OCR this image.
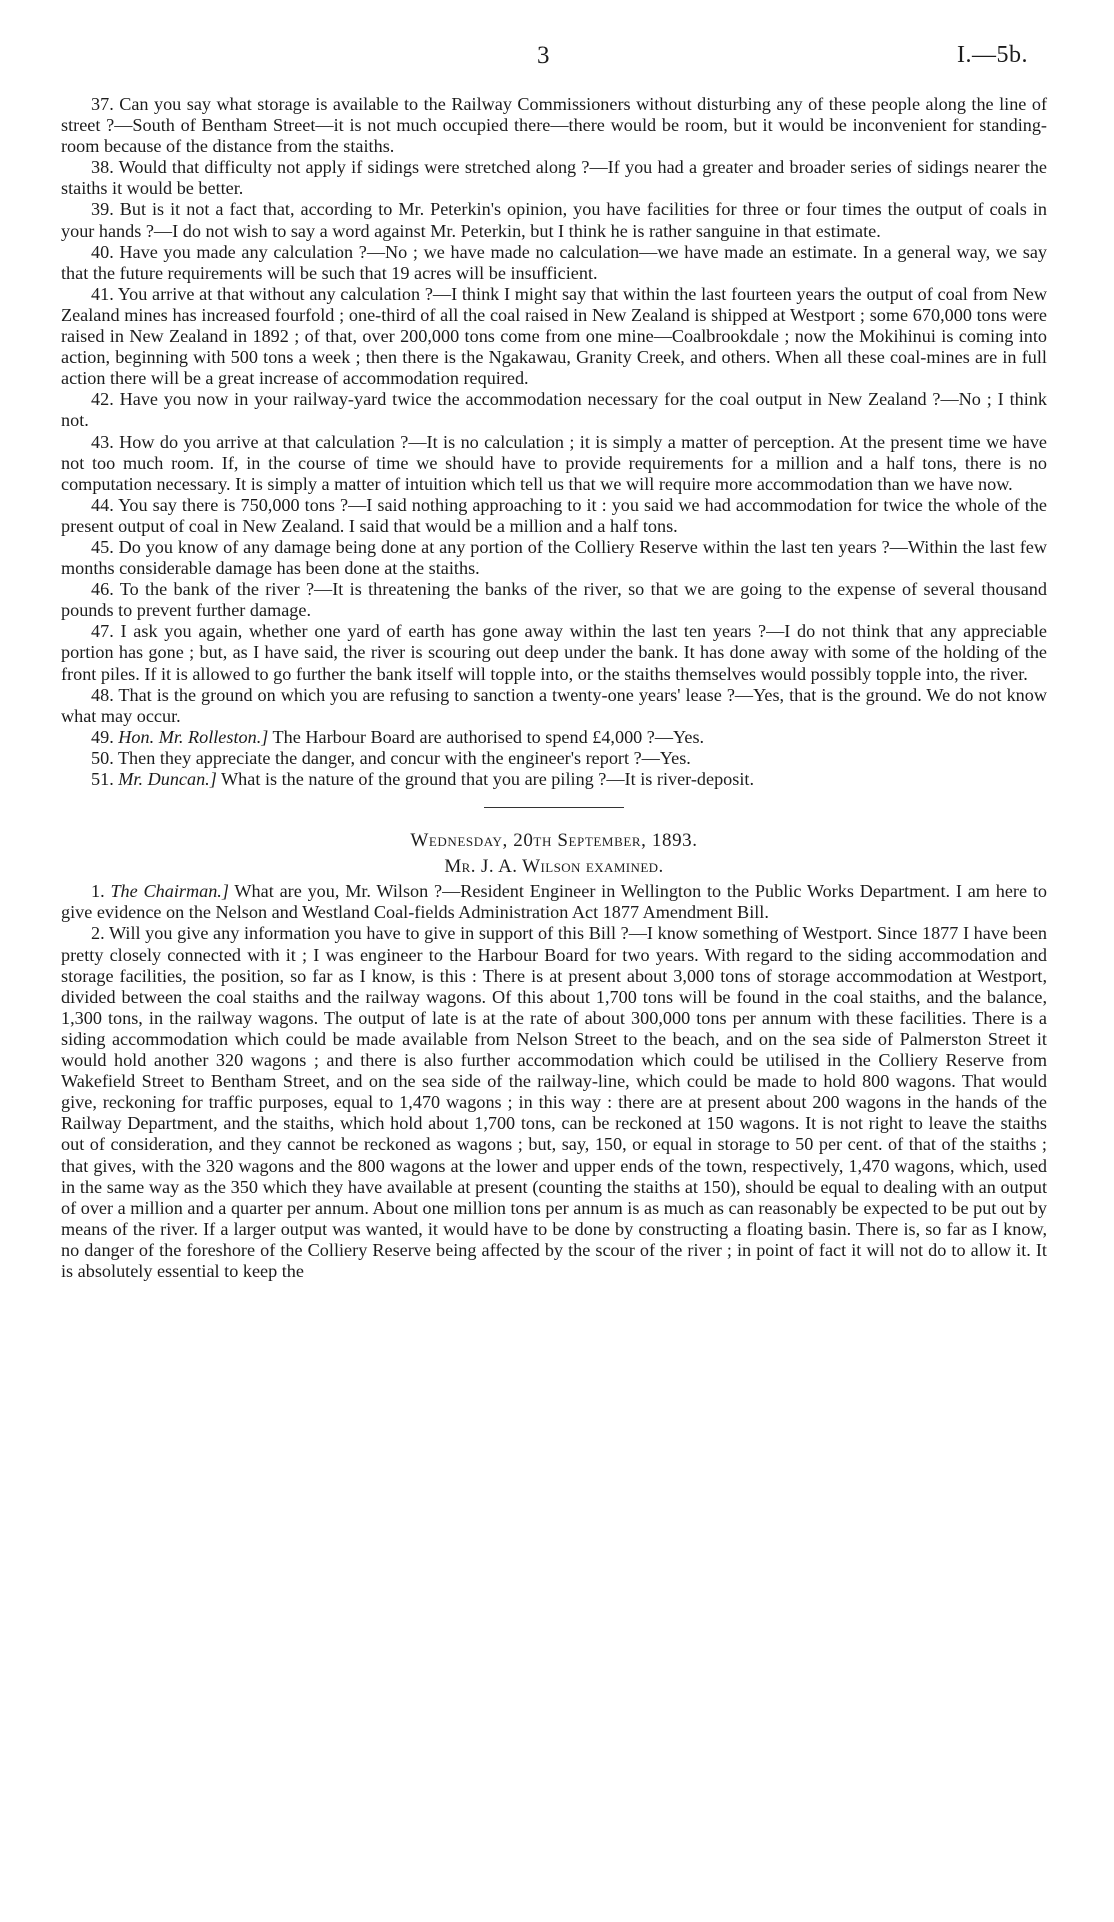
3	I.—5b.

37. Can you say what storage is available to the Railway Commissioners without disturbing any of these people along the line of street ?—South of Bentham Street—it is not much occupied there—there would be room, but it would be inconvenient for standing-room because of the distance from the staiths.

38. Would that difficulty not apply if sidings were stretched along ?—If you had a greater and broader series of sidings nearer the staiths it would be better.

39. But is it not a fact that, according to Mr. Peterkin's opinion, you have facilities for three or four times the output of coals in your hands ?—I do not wish to say a word against Mr. Peterkin, but I think he is rather sanguine in that estimate.

40. Have you made any calculation ?—No ; we have made no calculation—we have made an estimate. In a general way, we say that the future requirements will be such that 19 acres will be insufficient.

41. You arrive at that without any calculation ?—I think I might say that within the last fourteen years the output of coal from New Zealand mines has increased fourfold ; one-third of all the coal raised in New Zealand is shipped at Westport ; some 670,000 tons were raised in New Zealand in 1892 ; of that, over 200,000 tons come from one mine—Coalbrookdale ; now the Mokihinui is coming into action, beginning with 500 tons a week ; then there is the Ngakawau, Granity Creek, and others. When all these coal-mines are in full action there will be a great increase of accommodation required.

42. Have you now in your railway-yard twice the accommodation necessary for the coal output in New Zealand ?—No ; I think not.

43. How do you arrive at that calculation ?—It is no calculation ; it is simply a matter of perception. At the present time we have not too much room. If, in the course of time we should have to provide requirements for a million and a half tons, there is no computation necessary. It is simply a matter of intuition which tell us that we will require more accommodation than we have now.

44. You say there is 750,000 tons ?—I said nothing approaching to it : you said we had accommodation for twice the whole of the present output of coal in New Zealand. I said that would be a million and a half tons.

45. Do you know of any damage being done at any portion of the Colliery Reserve within the last ten years ?—Within the last few months considerable damage has been done at the staiths.

46. To the bank of the river ?—It is threatening the banks of the river, so that we are going to the expense of several thousand pounds to prevent further damage.

47. I ask you again, whether one yard of earth has gone away within the last ten years ?—I do not think that any appreciable portion has gone ; but, as I have said, the river is scouring out deep under the bank. It has done away with some of the holding of the front piles. If it is allowed to go further the bank itself will topple into, or the staiths themselves would possibly topple into, the river.

48. That is the ground on which you are refusing to sanction a twenty-one years' lease ?—Yes, that is the ground. We do not know what may occur.

49. Hon. Mr. Rolleston.] The Harbour Board are authorised to spend £4,000 ?—Yes.

50. Then they appreciate the danger, and concur with the engineer's report ?—Yes.

51. Mr. Duncan.] What is the nature of the ground that you are piling ?—It is river-deposit.

Wednesday, 20th September, 1893.

Mr. J. A. Wilson examined.

1. The Chairman.] What are you, Mr. Wilson ?—Resident Engineer in Wellington to the Public Works Department. I am here to give evidence on the Nelson and Westland Coal-fields Administration Act 1877 Amendment Bill.

2. Will you give any information you have to give in support of this Bill ?—I know something of Westport. Since 1877 I have been pretty closely connected with it ; I was engineer to the Harbour Board for two years. With regard to the siding accommodation and storage facilities, the position, so far as I know, is this : There is at present about 3,000 tons of storage accommodation at Westport, divided between the coal staiths and the railway wagons. Of this about 1,700 tons will be found in the coal staiths, and the balance, 1,300 tons, in the railway wagons. The output of late is at the rate of about 300,000 tons per annum with these facilities. There is a siding accommodation which could be made available from Nelson Street to the beach, and on the sea side of Palmerston Street it would hold another 320 wagons ; and there is also further accommodation which could be utilised in the Colliery Reserve from Wakefield Street to Bentham Street, and on the sea side of the railway-line, which could be made to hold 800 wagons. That would give, reckoning for traffic purposes, equal to 1,470 wagons ; in this way : there are at present about 200 wagons in the hands of the Railway Department, and the staiths, which hold about 1,700 tons, can be reckoned at 150 wagons. It is not right to leave the staiths out of consideration, and they cannot be reckoned as wagons ; but, say, 150, or equal in storage to 50 per cent. of that of the staiths ; that gives, with the 320 wagons and the 800 wagons at the lower and upper ends of the town, respectively, 1,470 wagons, which, used in the same way as the 350 which they have available at present (counting the staiths at 150), should be equal to dealing with an output of over a million and a quarter per annum. About one million tons per annum is as much as can reasonably be expected to be put out by means of the river. If a larger output was wanted, it would have to be done by constructing a floating basin. There is, so far as I know, no danger of the foreshore of the Colliery Reserve being affected by the scour of the river ; in point of fact it will not do to allow it. It is absolutely essential to keep the
